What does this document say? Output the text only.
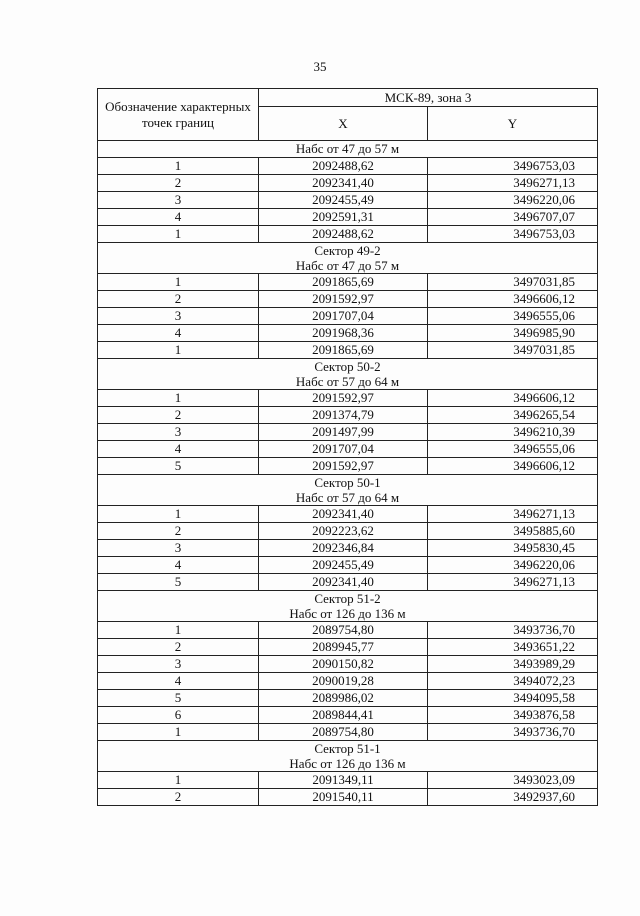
35
Обозначение характерных точек границ	МСК-89, зона 3	
	X	Y
Набс от 47 до 57 м		
1	2092488,62	3496753,03
2	2092341,40	3496271,13
3	2092455,49	3496220,06
4	2092591,31	3496707,07
1	2092488,62	3496753,03
Сектор 49-2
Набс от 47 до 57 м		
1	2091865,69	3497031,85
2	2091592,97	3496606,12
3	2091707,04	3496555,06
4	2091968,36	3496985,90
1	2091865,69	3497031,85
Сектор 50-2
Набс от 57 до 64 м		
1	2091592,97	3496606,12
2	2091374,79	3496265,54
3	2091497,99	3496210,39
4	2091707,04	3496555,06
5	2091592,97	3496606,12
Сектор 50-1
Набс от 57 до 64 м		
1	2092341,40	3496271,13
2	2092223,62	3495885,60
3	2092346,84	3495830,45
4	2092455,49	3496220,06
5	2092341,40	3496271,13
Сектор 51-2
Набс от 126 до 136 м		
1	2089754,80	3493736,70
2	2089945,77	3493651,22
3	2090150,82	3493989,29
4	2090019,28	3494072,23
5	2089986,02	3494095,58
6	2089844,41	3493876,58
1	2089754,80	3493736,70
Сектор 51-1
Набс от 126 до 136 м		
1	2091349,11	3493023,09
2	2091540,11	3492937,60
